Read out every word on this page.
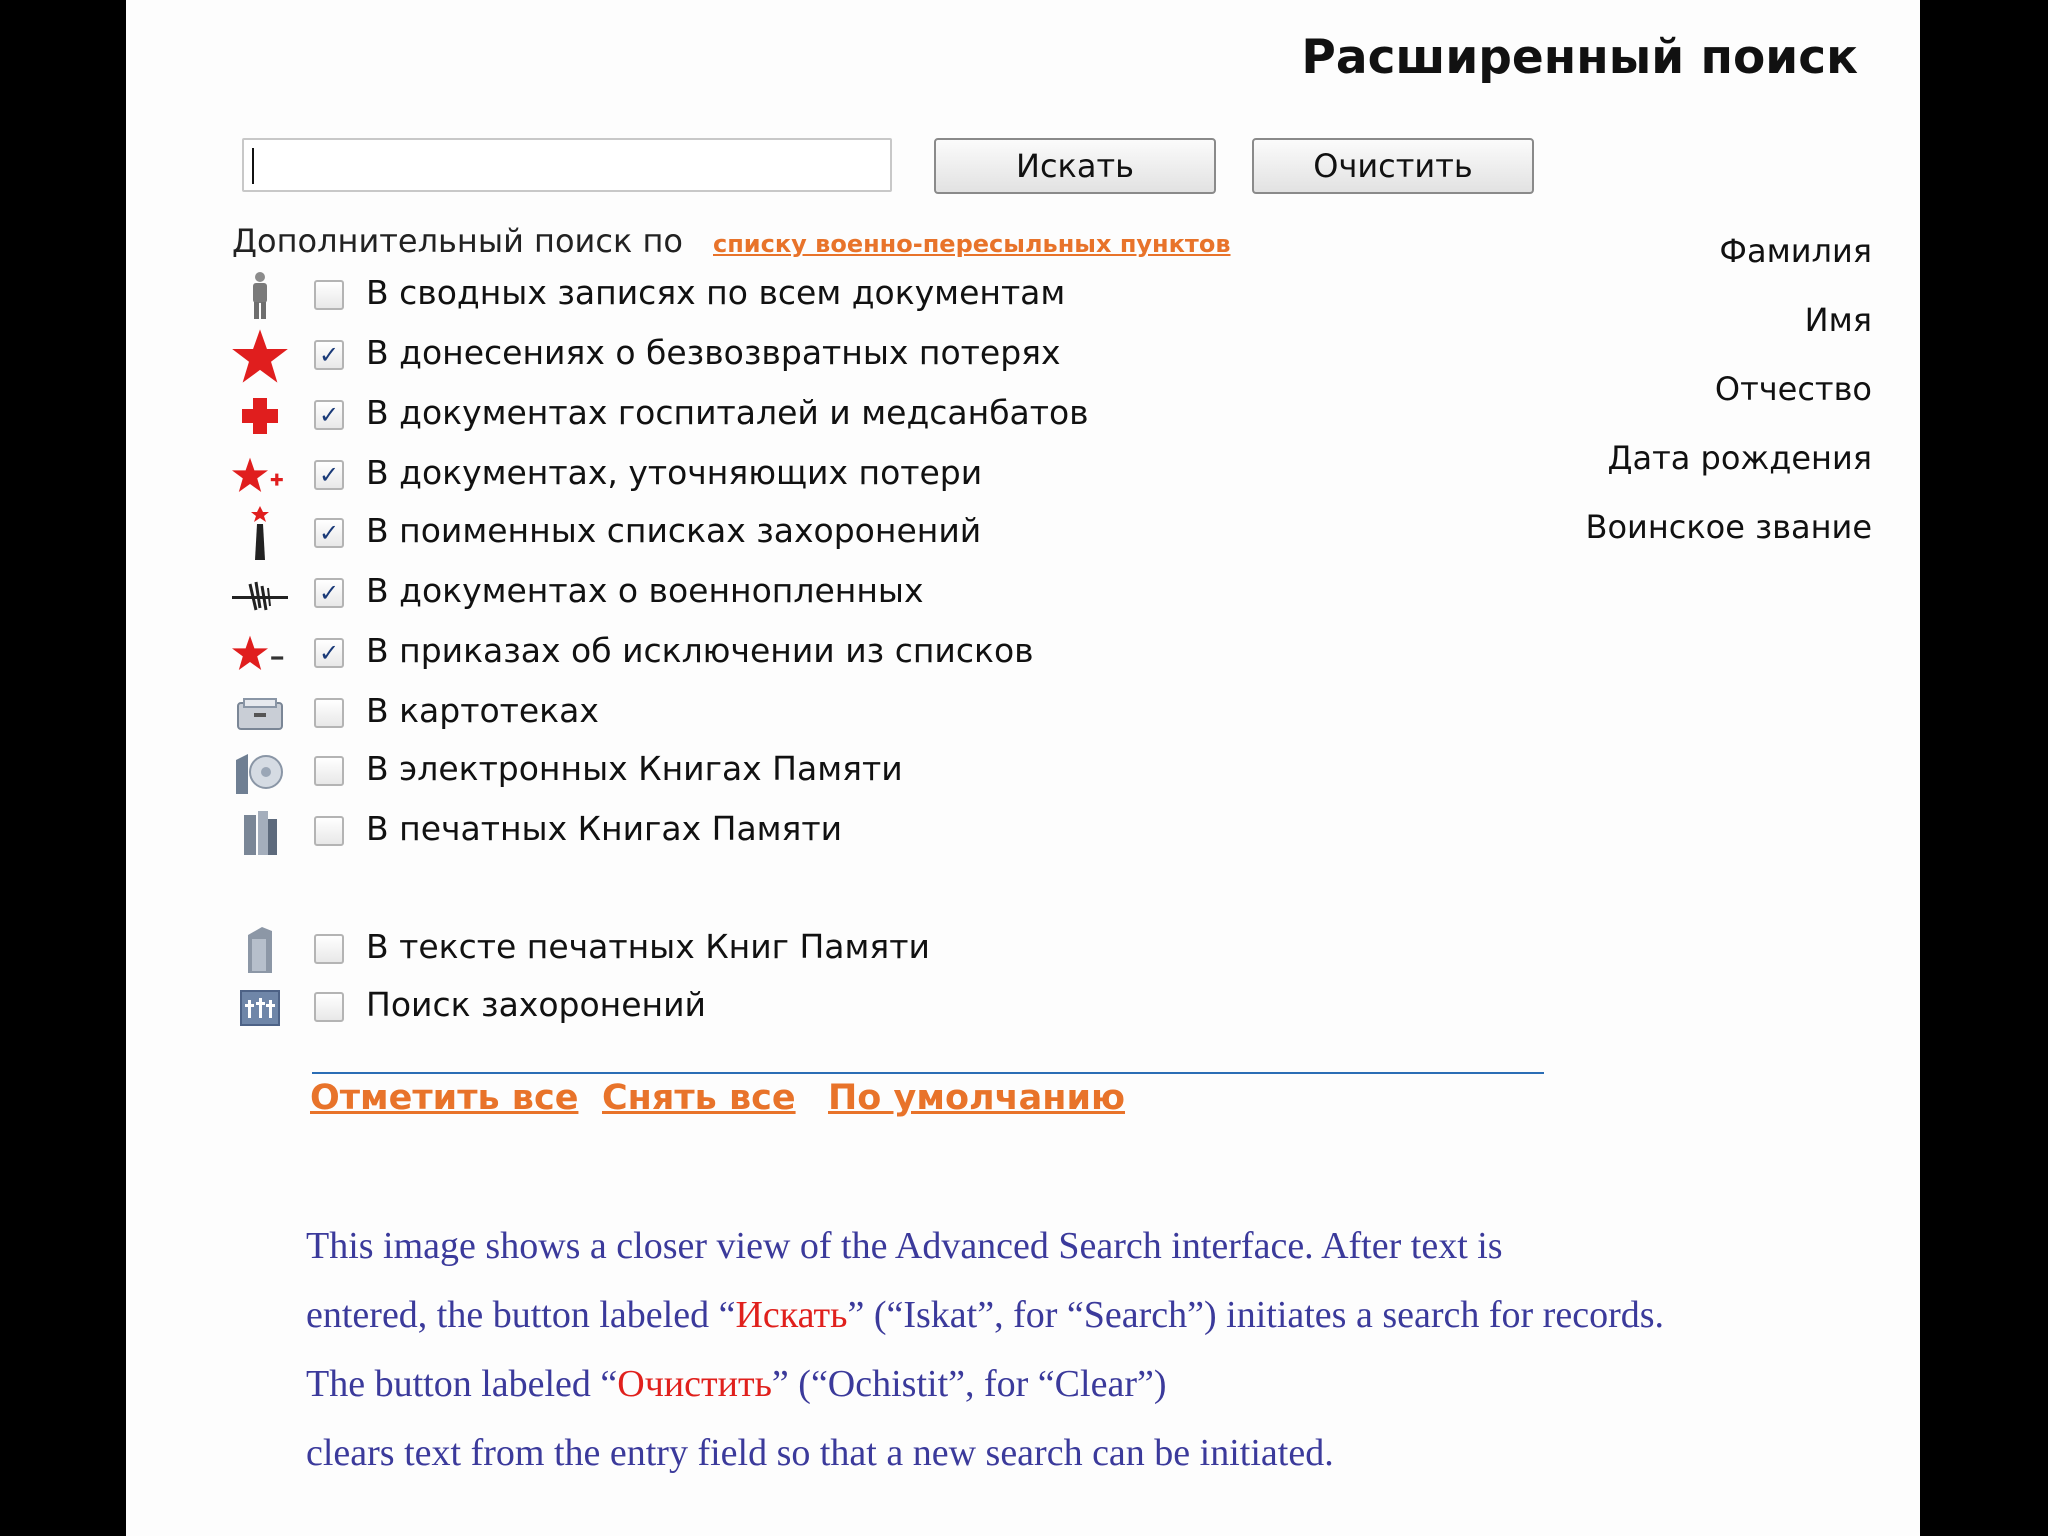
Расширенный поиск
Искать	Очистить
Дополнительный поиск по списку военно-пересыльных пунктов
В сводных записях по всем документам
✓ В донесениях о безвозвратных потерях
✓ В документах госпиталей и медсанбатов
✓ В документах, уточняющих потери
✓ В поименных списках захоронений
✓ В документах о военнопленных
✓ В приказах об исключении из списков
В картотеках
В электронных Книгах Памяти
В печатных Книгах Памяти
В тексте печатных Книг Памяти
Поиск захоронений
Фамилия
Имя
Отчество
Дата рождения
Воинское звание
Отметить все Снять все По умолчанию
This image shows a closer view of the Advanced Search interface. After text is
entered, the button labeled “Искать” (“Iskat”, for “Search”) initiates a search for records.
The button labeled “Очистить” (“Ochistit”, for “Clear”)
clears text from the entry field so that a new search can be initiated.
